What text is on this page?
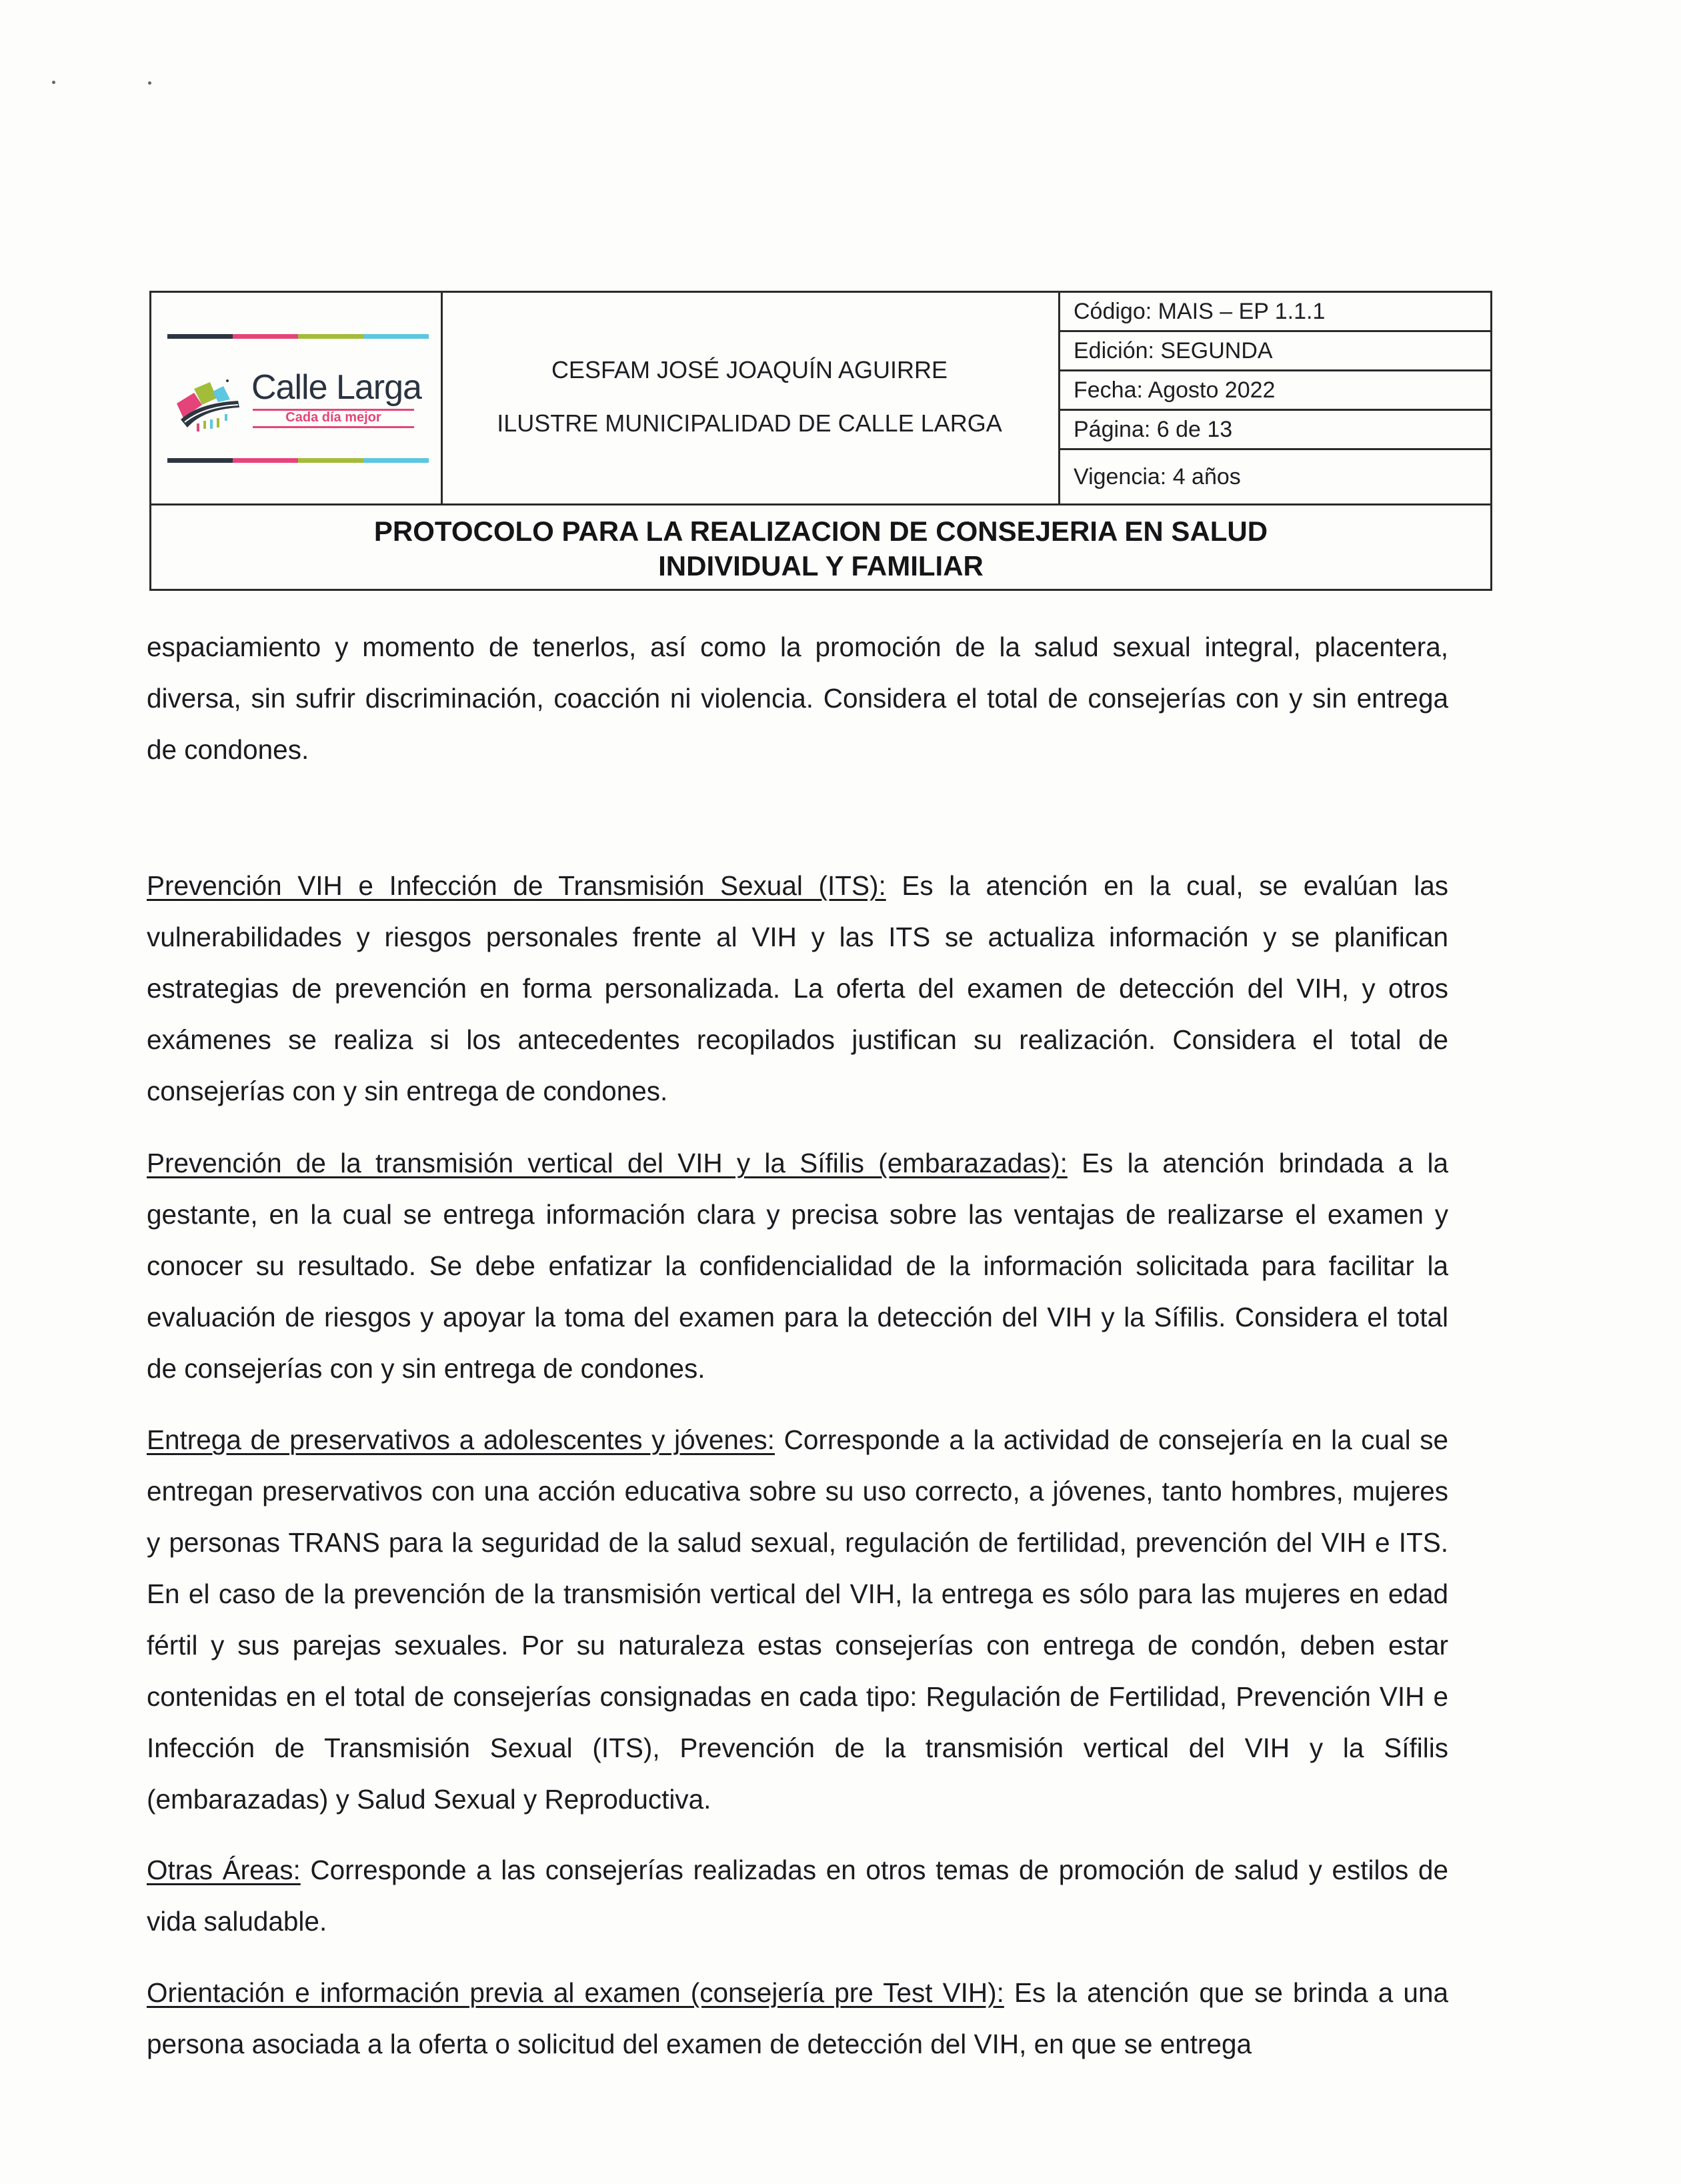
Calle Larga
Cada día mejor
CESFAM JOSÉ JOAQUÍN AGUIRRE
ILUSTRE MUNICIPALIDAD DE CALLE LARGA
Código: MAIS – EP 1.1.1
Edición: SEGUNDA
Fecha: Agosto 2022
Página: 6 de 13
Vigencia: 4 años
PROTOCOLO PARA LA REALIZACION DE CONSEJERIA EN SALUD
INDIVIDUAL Y FAMILIAR

espaciamiento y momento de tenerlos, así como la promoción de la salud sexual integral, placentera, diversa, sin sufrir discriminación, coacción ni violencia. Considera el total de consejerías con y sin entrega de condones.

Prevención VIH e Infección de Transmisión Sexual (ITS): Es la atención en la cual, se evalúan las vulnerabilidades y riesgos personales frente al VIH y las ITS se actualiza información y se planifican estrategias de prevención en forma personalizada. La oferta del examen de detección del VIH, y otros exámenes se realiza si los antecedentes recopilados justifican su realización. Considera el total de consejerías con y sin entrega de condones.

Prevención de la transmisión vertical del VIH y la Sífilis (embarazadas): Es la atención brindada a la gestante, en la cual se entrega información clara y precisa sobre las ventajas de realizarse el examen y conocer su resultado. Se debe enfatizar la confidencialidad de la información solicitada para facilitar la evaluación de riesgos y apoyar la toma del examen para la detección del VIH y la Sífilis. Considera el total de consejerías con y sin entrega de condones.

Entrega de preservativos a adolescentes y jóvenes: Corresponde a la actividad de consejería en la cual se entregan preservativos con una acción educativa sobre su uso correcto, a jóvenes, tanto hombres, mujeres y personas TRANS para la seguridad de la salud sexual, regulación de fertilidad, prevención del VIH e ITS. En el caso de la prevención de la transmisión vertical del VIH, la entrega es sólo para las mujeres en edad fértil y sus parejas sexuales. Por su naturaleza estas consejerías con entrega de condón, deben estar contenidas en el total de consejerías consignadas en cada tipo: Regulación de Fertilidad, Prevención VIH e Infección de Transmisión Sexual (ITS), Prevención de la transmisión vertical del VIH y la Sífilis (embarazadas) y Salud Sexual y Reproductiva.

Otras Áreas: Corresponde a las consejerías realizadas en otros temas de promoción de salud y estilos de vida saludable.

Orientación e información previa al examen (consejería pre Test VIH): Es la atención que se brinda a una persona asociada a la oferta o solicitud del examen de detección del VIH, en que se entrega
